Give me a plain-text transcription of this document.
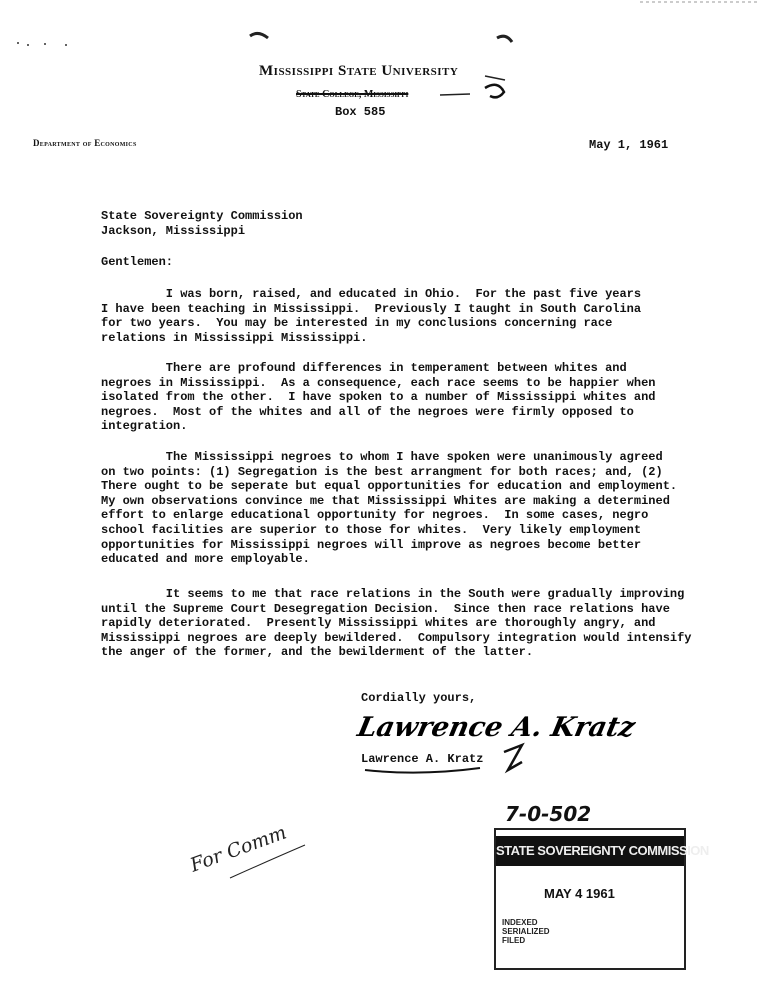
Mississippi State University
State College, Mississippi
Box 585
Department of Economics	May 1, 1961
State Sovereignty Commission
Jackson, Mississippi
Gentlemen:
I was born, raised, and educated in Ohio.  For the past five years
I have been teaching in Mississippi.  Previously I taught in South Carolina
for two years.  You may be interested in my conclusions concerning race
relations in Mississippi Mississippi.
There are profound differences in temperament between whites and
negroes in Mississippi.  As a consequence, each race seems to be happier when
isolated from the other.  I have spoken to a number of Mississippi whites and
negroes.  Most of the whites and all of the negroes were firmly opposed to
integration.
The Mississippi negroes to whom I have spoken were unanimously agreed
on two points: (1) Segregation is the best arrangment for both races; and, (2)
There ought to be seperate but equal opportunities for education and employment.
My own observations convince me that Mississippi Whites are making a determined
effort to enlarge educational opportunity for negroes.  In some cases, negro
school facilities are superior to those for whites.  Very likely employment
opportunities for Mississippi negroes will improve as negroes become better
educated and more employable.
It seems to me that race relations in the South were gradually improving
until the Supreme Court Desegregation Decision.  Since then race relations have
rapidly deteriorated.  Presently Mississippi whites are thoroughly angry, and
Mississippi negroes are deeply bewildered.  Compulsory integration would intensify
the anger of the former, and the bewilderment of the latter.
Cordially yours,
Lawrence A. Kratz
Lawrence A. Kratz
7-0-502
STATE SOVEREIGNTY COMMISSION
MAY 4 1961
INDEXED
SERIALIZED
FILED
For Comm
